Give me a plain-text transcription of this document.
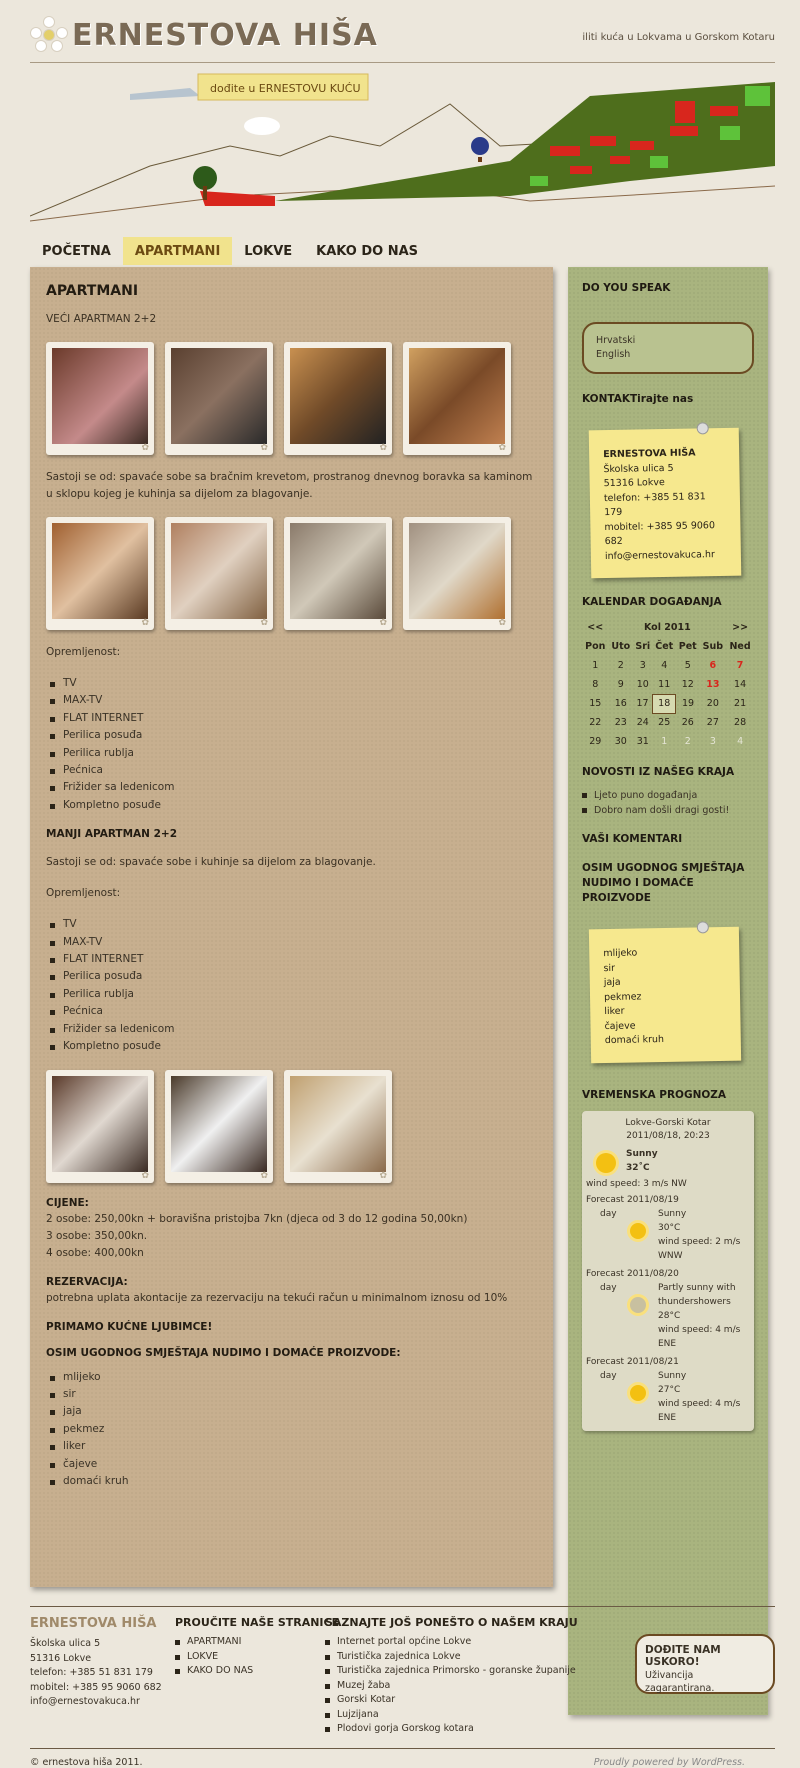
ERNESTOVA HIŠA	iliti kuća u Lokvama u Gorskom Kotaru
dođite u ERNESTOVU KUĆU
POČETNA	APARTMANI	LOKVE	KAKO DO NAS
APARTMANI

VEĆI APARTMAN 2+2

✿	✿	✿	✿

Sastoji se od: spavaće sobe sa bračnim krevetom, prostranog dnevnog boravka sa kaminom u sklopu kojeg je kuhinja sa dijelom za blagovanje.

✿	✿	✿	✿

Opremljenost:

TV
MAX-TV
FLAT INTERNET
Perilica posuđa
Perilica rublja
Pećnica
Frižider sa ledenicom
Kompletno posuđe
MANJI APARTMAN 2+2

Sastoji se od: spavaće sobe i kuhinje sa dijelom za blagovanje.

Opremljenost:

TV
MAX-TV
FLAT INTERNET
Perilica posuđa
Perilica rublja
Pećnica
Frižider sa ledenicom
Kompletno posuđe
✿	✿	✿
CIJENE:

2 osobe: 250,00kn + boravišna pristojba 7kn (djeca od 3 do 12 godina 50,00kn)
3 osobe: 350,00kn.
4 osobe: 400,00kn

REZERVACIJA:

potrebna uplata akontacije za rezervaciju na tekući račun u minimalnom iznosu od 10%

PRIMAMO KUĆNE LJUBIMCE!
OSIM UGODNOG SMJEŠTAJA NUDIMO I DOMAĆE PROIZVODE:
mlijeko
sir
jaja
pekmez
liker
čajeve
domaći kruh
DO YOU SPEAK
Hrvatski
English
KONTAKTirajte nas
ERNESTOVA HIŠA
Školska ulica 5
51316 Lokve
telefon: +385 51 831 179
mobitel: +385 95 9060 682
info@ernestovakuca.hr
KALENDAR DOGAĐANJA
<<	Kol 2011					>>
Pon	Uto	Sri	Čet	Pet	Sub	Ned
1	2	3	4	5	6	7
8	9	10	11	12	13	14
15	16	17	18	19	20	21
22	23	24	25	26	27	28
29	30	31	1	2	3	4
NOVOSTI IZ NAŠEG KRAJA
Ljeto puno događanja
Dobro nam došli dragi gosti!
VAŠI KOMENTARI
OSIM UGODNOG SMJEŠTAJA NUDIMO I DOMAĆE PROIZVODE
mlijeko
sir
jaja
pekmez
liker
čajeve
domaći kruh
VREMENSKA PROGNOZA
Lokve-Gorski Kotar
2011/08/18, 20:23
Sunny
32˚C
wind speed: 3 m/s NW
Forecast 2011/08/19
day	Sunny
30°C
wind speed: 2 m/s
WNW
Forecast 2011/08/20
day	Partly sunny with thundershowers
28°C
wind speed: 4 m/s
ENE
Forecast 2011/08/21
day	Sunny
27°C
wind speed: 4 m/s
ENE
ERNESTOVA HIŠA
Školska ulica 5
51316 Lokve
telefon: +385 51 831 179
mobitel: +385 95 9060 682
info@ernestovakuca.hr
PROUČITE NAŠE STRANICE
APARTMANI
LOKVE
KAKO DO NAS
SAZNAJTE JOŠ PONEŠTO O NAŠEM KRAJU
Internet portal općine Lokve
Turistička zajednica Lokve
Turistička zajednica Primorsko - goranske županije
Muzej žaba
Gorski Kotar
Lujzijana
Plodovi gorja Gorskog kotara
DOĐITE NAM USKORO!
Uživancija zagarantirana.
© ernestova hiša 2011.	Proudly powered by WordPress.
